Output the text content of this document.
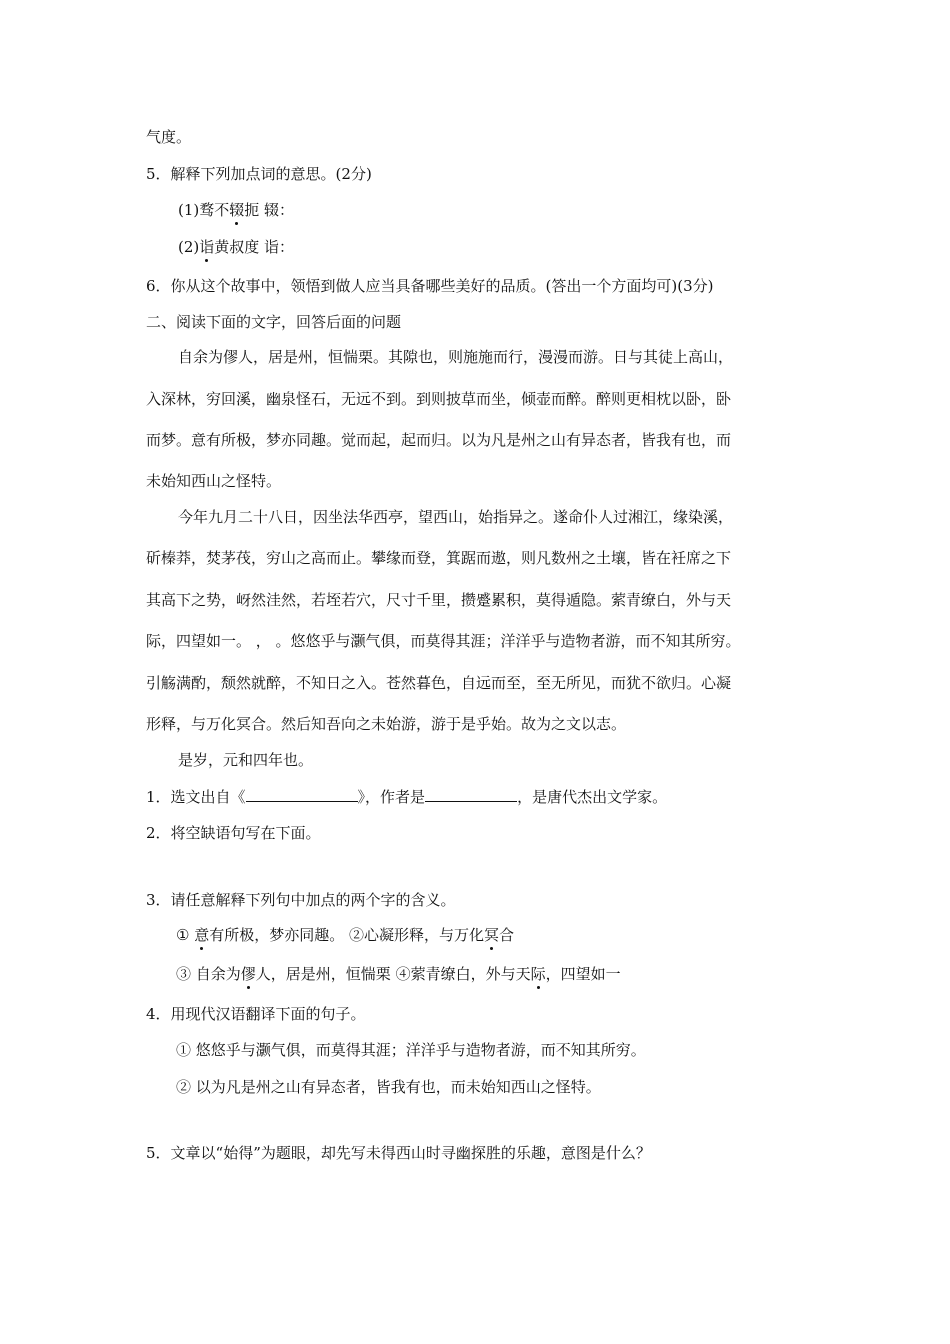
气度。
5．解释下列加点词的意思。(2分)
(1)骛不辍扼 辍：
(2)诣黄叔度 诣：
6．你从这个故事中，领悟到做人应当具备哪些美好的品质。(答出一个方面均可)(3分)
二、阅读下面的文字，回答后面的问题
自余为僇人，居是州，恒惴栗。其隙也，则施施而行，漫漫而游。日与其徒上高山，
入深林，穷回溪，幽泉怪石，无远不到。到则披草而坐，倾壶而醉。醉则更相枕以卧，卧
而梦。意有所极，梦亦同趣。觉而起，起而归。以为凡是州之山有异态者，皆我有也，而
未始知西山之怪特。
今年九月二十八日，因坐法华西亭，望西山，始指异之。遂命仆人过湘江，缘染溪，
斫榛莽，焚茅茷，穷山之高而止。攀缘而登，箕踞而遨，则凡数州之土壤，皆在衽席之下
其高下之势，岈然洼然，若垤若穴，尺寸千里，攒蹙累积，莫得遁隐。萦青缭白，外与天
际，四望如一。 ， 。悠悠乎与灏气俱，而莫得其涯；洋洋乎与造物者游，而不知其所穷。
引觞满酌，颓然就醉，不知日之入。苍然暮色，自远而至，至无所见，而犹不欲归。心凝
形释，与万化冥合。然后知吾向之未始游，游于是乎始。故为之文以志。
是岁，元和四年也。
1．选文出自《	》，作者是	，是唐代杰出文学家。
2．将空缺语句写在下面。
3．请任意解释下列句中加点的两个字的含义。
① 意有所极，梦亦同趣。 ②心凝形释，与万化冥合
③ 自余为僇人，居是州，恒惴栗 ④萦青缭白，外与天际，四望如一
4．用现代汉语翻译下面的句子。
① 悠悠乎与灏气俱，而莫得其涯；洋洋乎与造物者游，而不知其所穷。
② 以为凡是州之山有异态者，皆我有也，而未始知西山之怪特。
5．文章以“始得”为题眼，却先写未得西山时寻幽探胜的乐趣，意图是什么？
